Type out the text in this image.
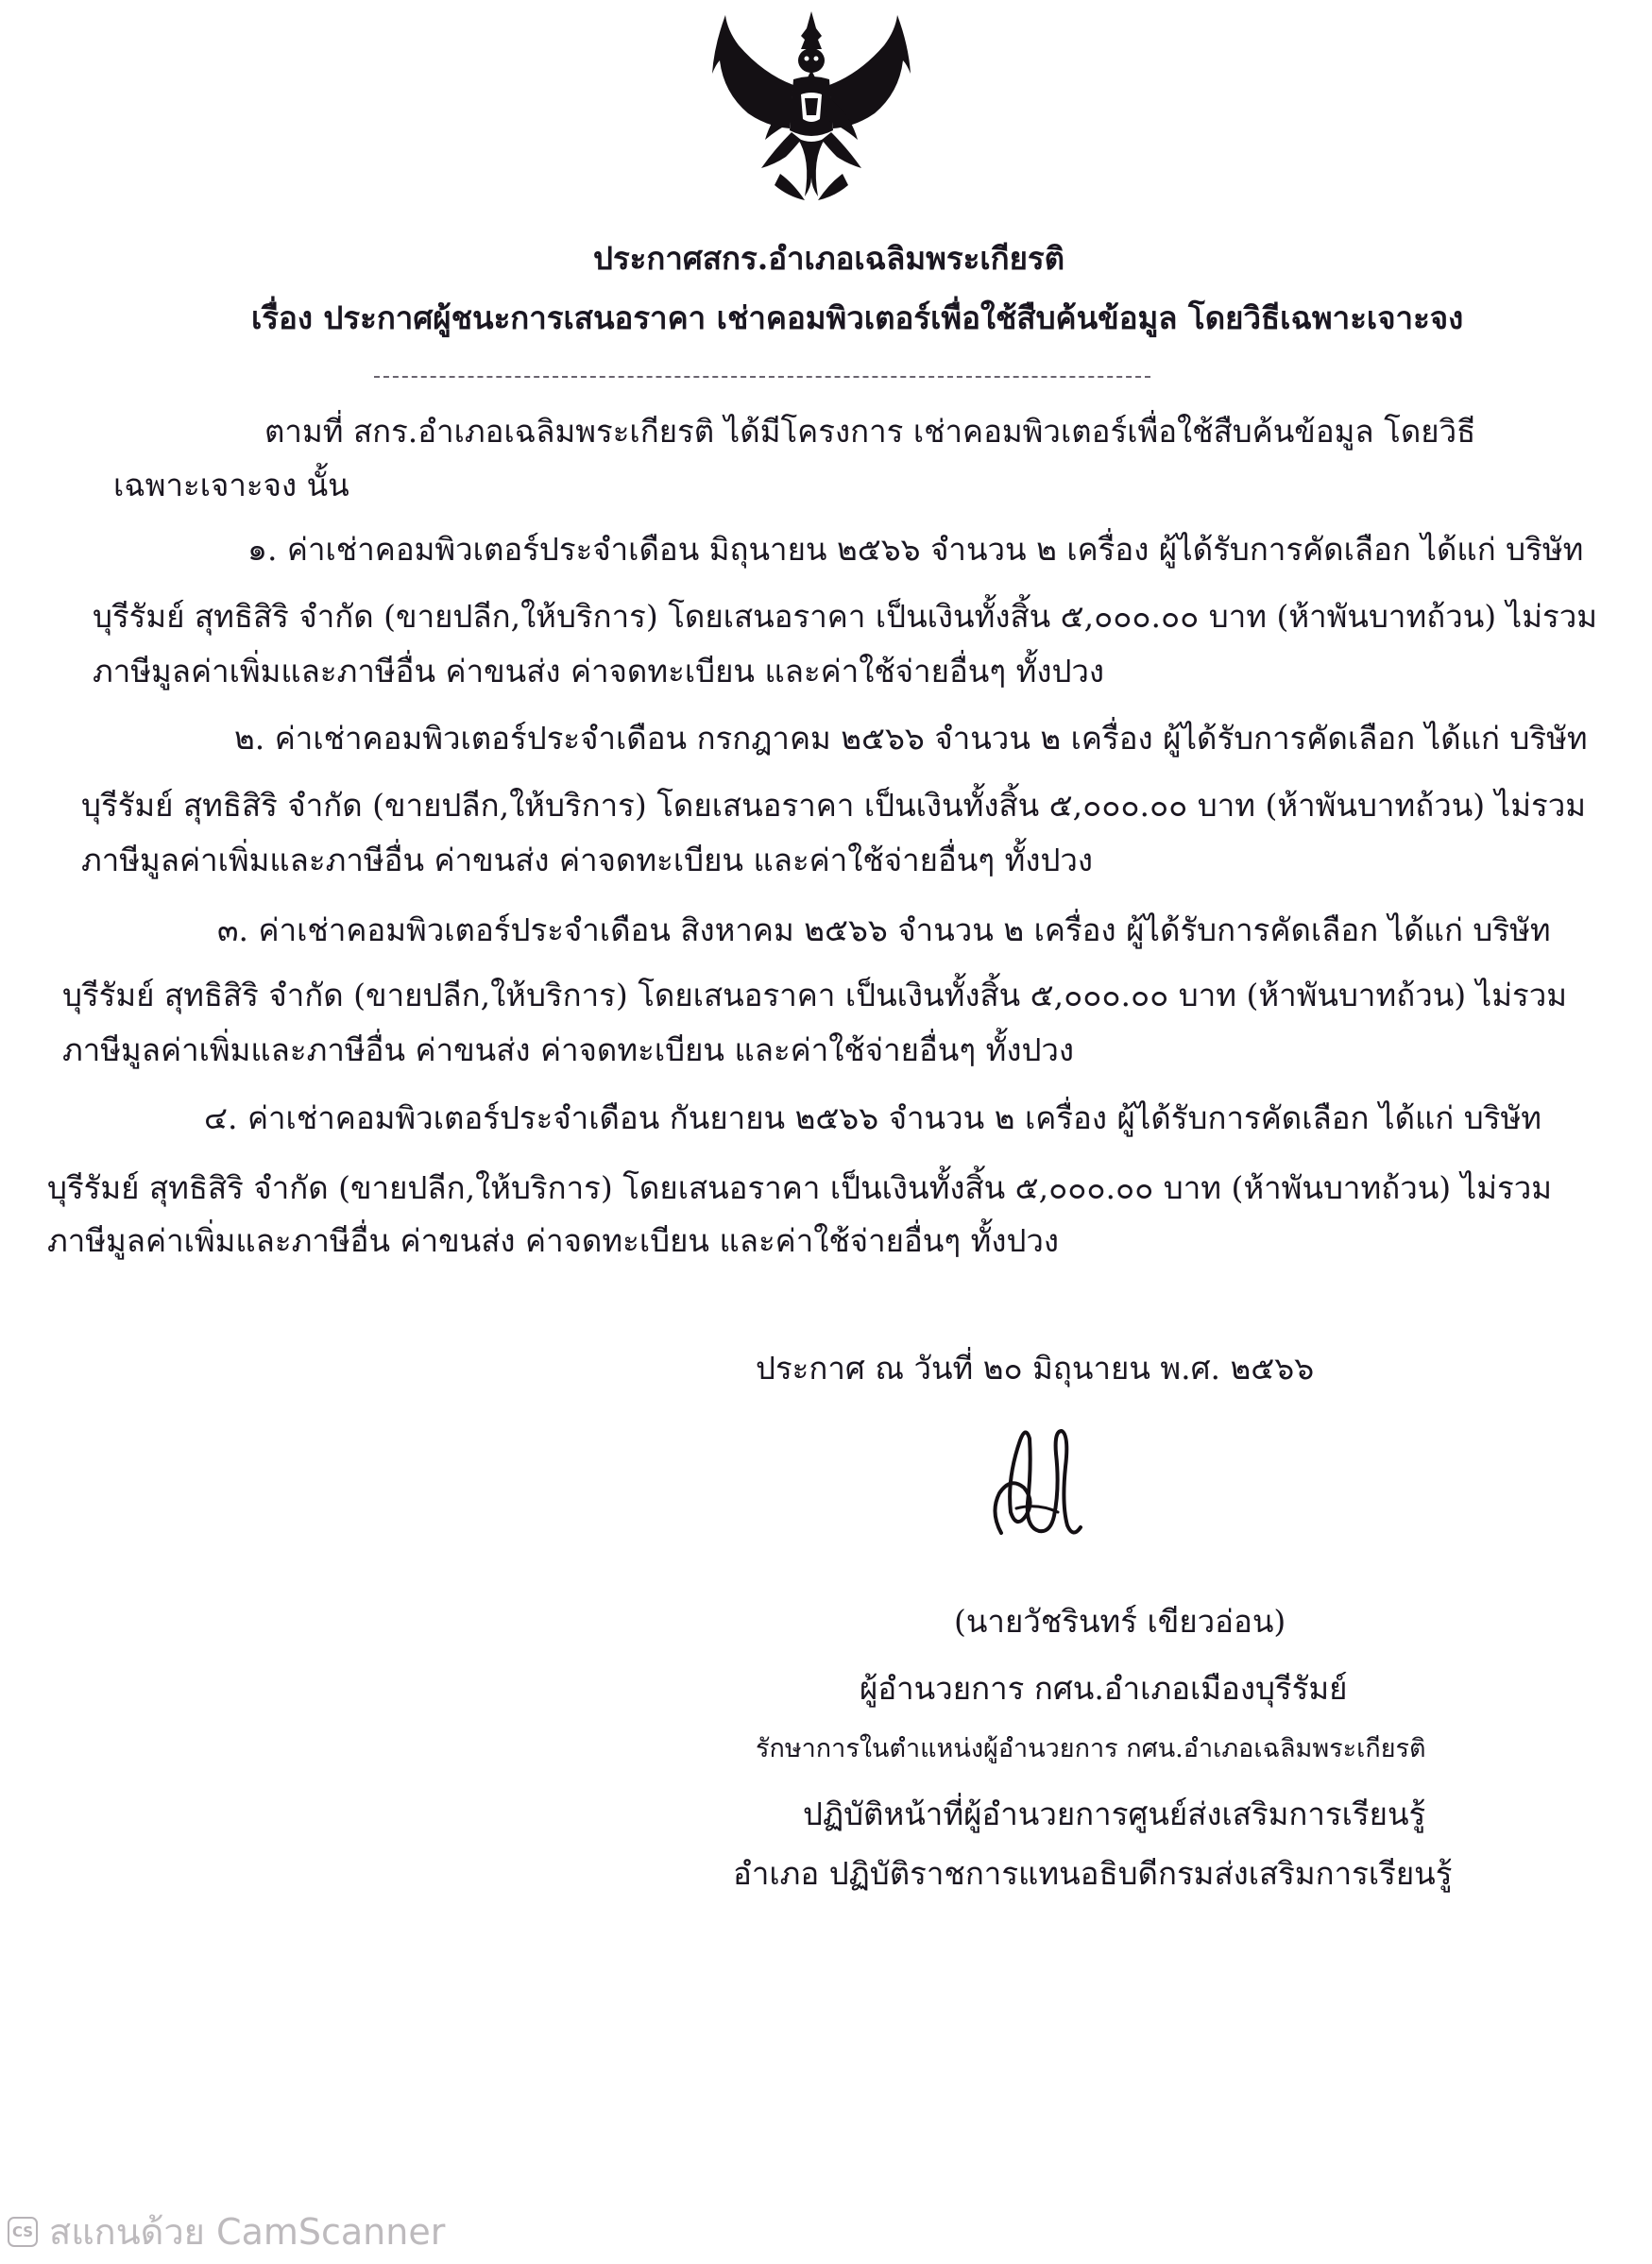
ประกาศสกร.อำเภอเฉลิมพระเกียรติ
เรื่อง ประกาศผู้ชนะการเสนอราคา เช่าคอมพิวเตอร์เพื่อใช้สืบค้นข้อมูล โดยวิธีเฉพาะเจาะจง
ตามที่ สกร.อำเภอเฉลิมพระเกียรติ ได้มีโครงการ เช่าคอมพิวเตอร์เพื่อใช้สืบค้นข้อมูล โดยวิธี
เฉพาะเจาะจง นั้น
๑. ค่าเช่าคอมพิวเตอร์ประจำเดือน มิถุนายน ๒๕๖๖ จำนวน ๒ เครื่อง ผู้ได้รับการคัดเลือก ได้แก่ บริษัท
บุรีรัมย์ สุทธิสิริ จำกัด (ขายปลีก,ให้บริการ) โดยเสนอราคา เป็นเงินทั้งสิ้น ๕,๐๐๐.๐๐ บาท (ห้าพันบาทถ้วน) ไม่รวม
ภาษีมูลค่าเพิ่มและภาษีอื่น ค่าขนส่ง ค่าจดทะเบียน และค่าใช้จ่ายอื่นๆ ทั้งปวง
๒. ค่าเช่าคอมพิวเตอร์ประจำเดือน กรกฎาคม ๒๕๖๖ จำนวน ๒ เครื่อง ผู้ได้รับการคัดเลือก ได้แก่ บริษัท
บุรีรัมย์ สุทธิสิริ จำกัด (ขายปลีก,ให้บริการ) โดยเสนอราคา เป็นเงินทั้งสิ้น ๕,๐๐๐.๐๐ บาท (ห้าพันบาทถ้วน) ไม่รวม
ภาษีมูลค่าเพิ่มและภาษีอื่น ค่าขนส่ง ค่าจดทะเบียน และค่าใช้จ่ายอื่นๆ ทั้งปวง
๓. ค่าเช่าคอมพิวเตอร์ประจำเดือน สิงหาคม ๒๕๖๖ จำนวน ๒ เครื่อง ผู้ได้รับการคัดเลือก ได้แก่ บริษัท
บุรีรัมย์ สุทธิสิริ จำกัด (ขายปลีก,ให้บริการ) โดยเสนอราคา เป็นเงินทั้งสิ้น ๕,๐๐๐.๐๐ บาท (ห้าพันบาทถ้วน) ไม่รวม
ภาษีมูลค่าเพิ่มและภาษีอื่น ค่าขนส่ง ค่าจดทะเบียน และค่าใช้จ่ายอื่นๆ ทั้งปวง
๔. ค่าเช่าคอมพิวเตอร์ประจำเดือน กันยายน ๒๕๖๖ จำนวน ๒ เครื่อง ผู้ได้รับการคัดเลือก ได้แก่ บริษัท
บุรีรัมย์ สุทธิสิริ จำกัด (ขายปลีก,ให้บริการ) โดยเสนอราคา เป็นเงินทั้งสิ้น ๕,๐๐๐.๐๐ บาท (ห้าพันบาทถ้วน) ไม่รวม
ภาษีมูลค่าเพิ่มและภาษีอื่น ค่าขนส่ง ค่าจดทะเบียน และค่าใช้จ่ายอื่นๆ ทั้งปวง
ประกาศ ณ วันที่ ๒๐ มิถุนายน พ.ศ. ๒๕๖๖
(นายวัชรินทร์ เขียวอ่อน)
ผู้อำนวยการ กศน.อำเภอเมืองบุรีรัมย์
รักษาการในตำแหน่งผู้อำนวยการ กศน.อำเภอเฉลิมพระเกียรติ
ปฏิบัติหน้าที่ผู้อำนวยการศูนย์ส่งเสริมการเรียนรู้
อำเภอ ปฏิบัติราชการแทนอธิบดีกรมส่งเสริมการเรียนรู้
CS สแกนด้วย CamScanner
